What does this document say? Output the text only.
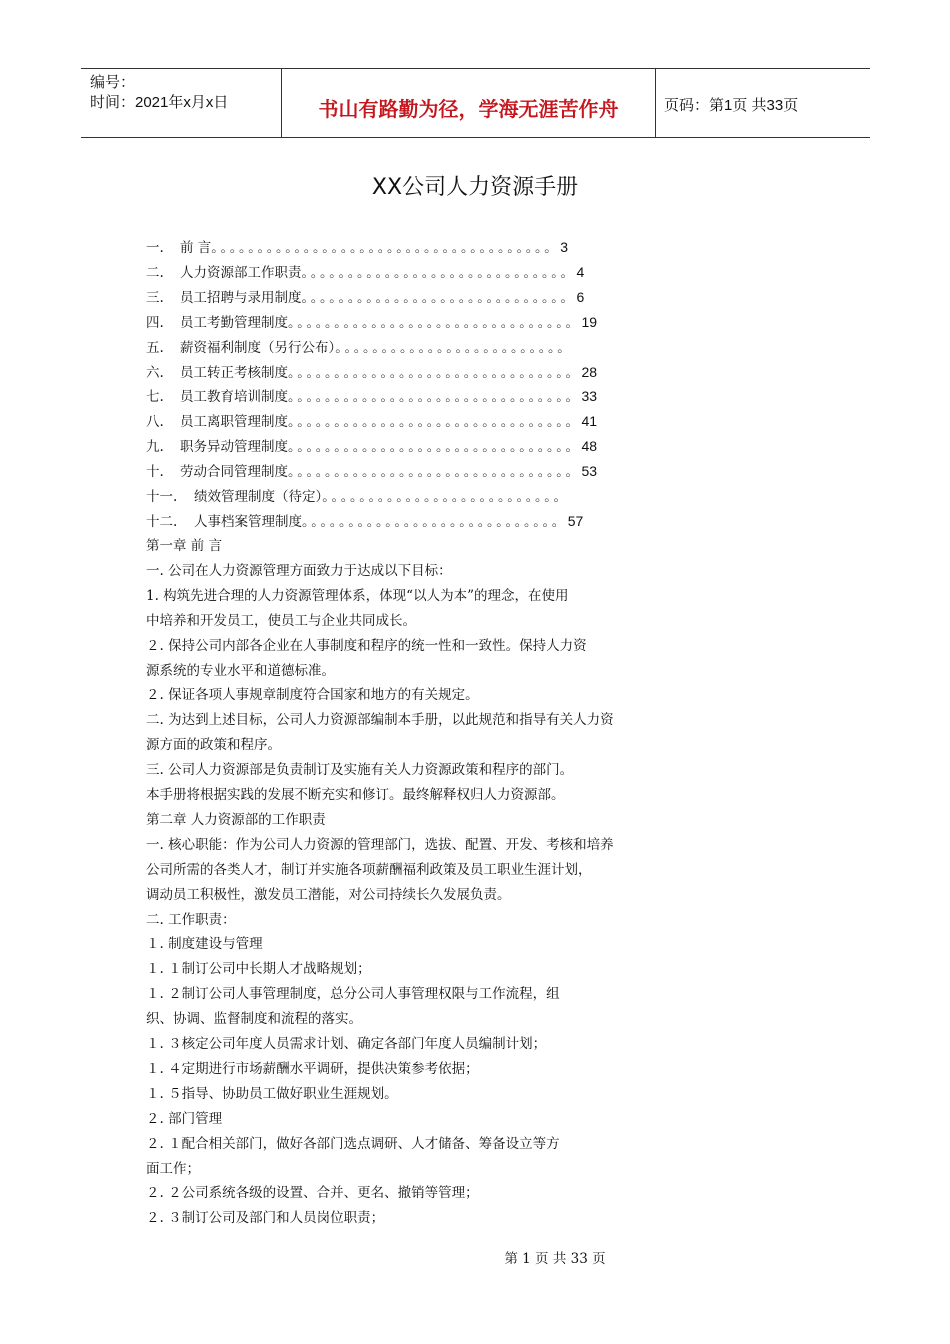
编号：
时间：2021年x月x日	书山有路勤为径，学海无涯苦作舟	页码：第1页 共33页
XX公司人力资源手册
一. 前 言。。。。。。。。。。。。。。。。。。。。。。。。。。。。。。。。。。。。。3
二. 人力资源部工作职责。。。。。。。。。。。。。。。。。。。。。。。。。。。。。4
三. 员工招聘与录用制度。。。。。。。。。。。。。。。。。。。。。。。。。。。。。6
四. 员工考勤管理制度。。。。。。。。。。。。。。。。。。。。。。。。。。。。。。。19
五. 薪资福利制度（另行公布）。。。。。。。。。。。。。。。。。。。。。。。。。
六. 员工转正考核制度。。。。。。。。。。。。。。。。。。。。。。。。。。。。。。。28
七. 员工教育培训制度。。。。。。。。。。。。。。。。。。。。。。。。。。。。。。。33
八. 员工离职管理制度。。。。。。。。。。。。。。。。。。。。。。。。。。。。。。。41
九. 职务异动管理制度。。。。。。。。。。。。。。。。。。。。。。。。。。。。。。。48
十. 劳动合同管理制度。。。。。。。。。。。。。。。。。。。。。。。。。。。。。。。53
十一. 绩效管理制度（待定）。。。。。。。。。。。。。。。。。。。。。。。。。。
十二. 人事档案管理制度。。。。。。。。。。。。。。。。。。。。。。。。。。。。57
第一章 前 言
一. 公司在人力资源管理方面致力于达成以下目标：
1. 构筑先进合理的人力资源管理体系，体现“以人为本”的理念，在使用
中培养和开发员工，使员工与企业共同成长。
２. 保持公司内部各企业在人事制度和程序的统一性和一致性。保持人力资
源系统的专业水平和道德标准。
２. 保证各项人事规章制度符合国家和地方的有关规定。
二. 为达到上述目标，公司人力资源部编制本手册，以此规范和指导有关人力资
源方面的政策和程序。
三. 公司人力资源部是负责制订及实施有关人力资源政策和程序的部门。
本手册将根据实践的发展不断充实和修订。最终解释权归人力资源部。
第二章 人力资源部的工作职责
一. 核心职能：作为公司人力资源的管理部门，选拔、配置、开发、考核和培养
公司所需的各类人才，制订并实施各项薪酬福利政策及员工职业生涯计划，
调动员工积极性，激发员工潜能，对公司持续长久发展负责。
二. 工作职责：
１. 制度建设与管理
１. １制订公司中长期人才战略规划；
１. ２制订公司人事管理制度，总分公司人事管理权限与工作流程，组
织、协调、监督制度和流程的落实。
１. ３核定公司年度人员需求计划、确定各部门年度人员编制计划；
１. ４定期进行市场薪酬水平调研，提供决策参考依据；
１. ５指导、协助员工做好职业生涯规划。
２. 部门管理
２. １配合相关部门，做好各部门选点调研、人才储备、筹备设立等方
面工作；
２. ２公司系统各级的设置、合并、更名、撤销等管理；
２. ３制订公司及部门和人员岗位职责；
第 1 页 共 33 页
